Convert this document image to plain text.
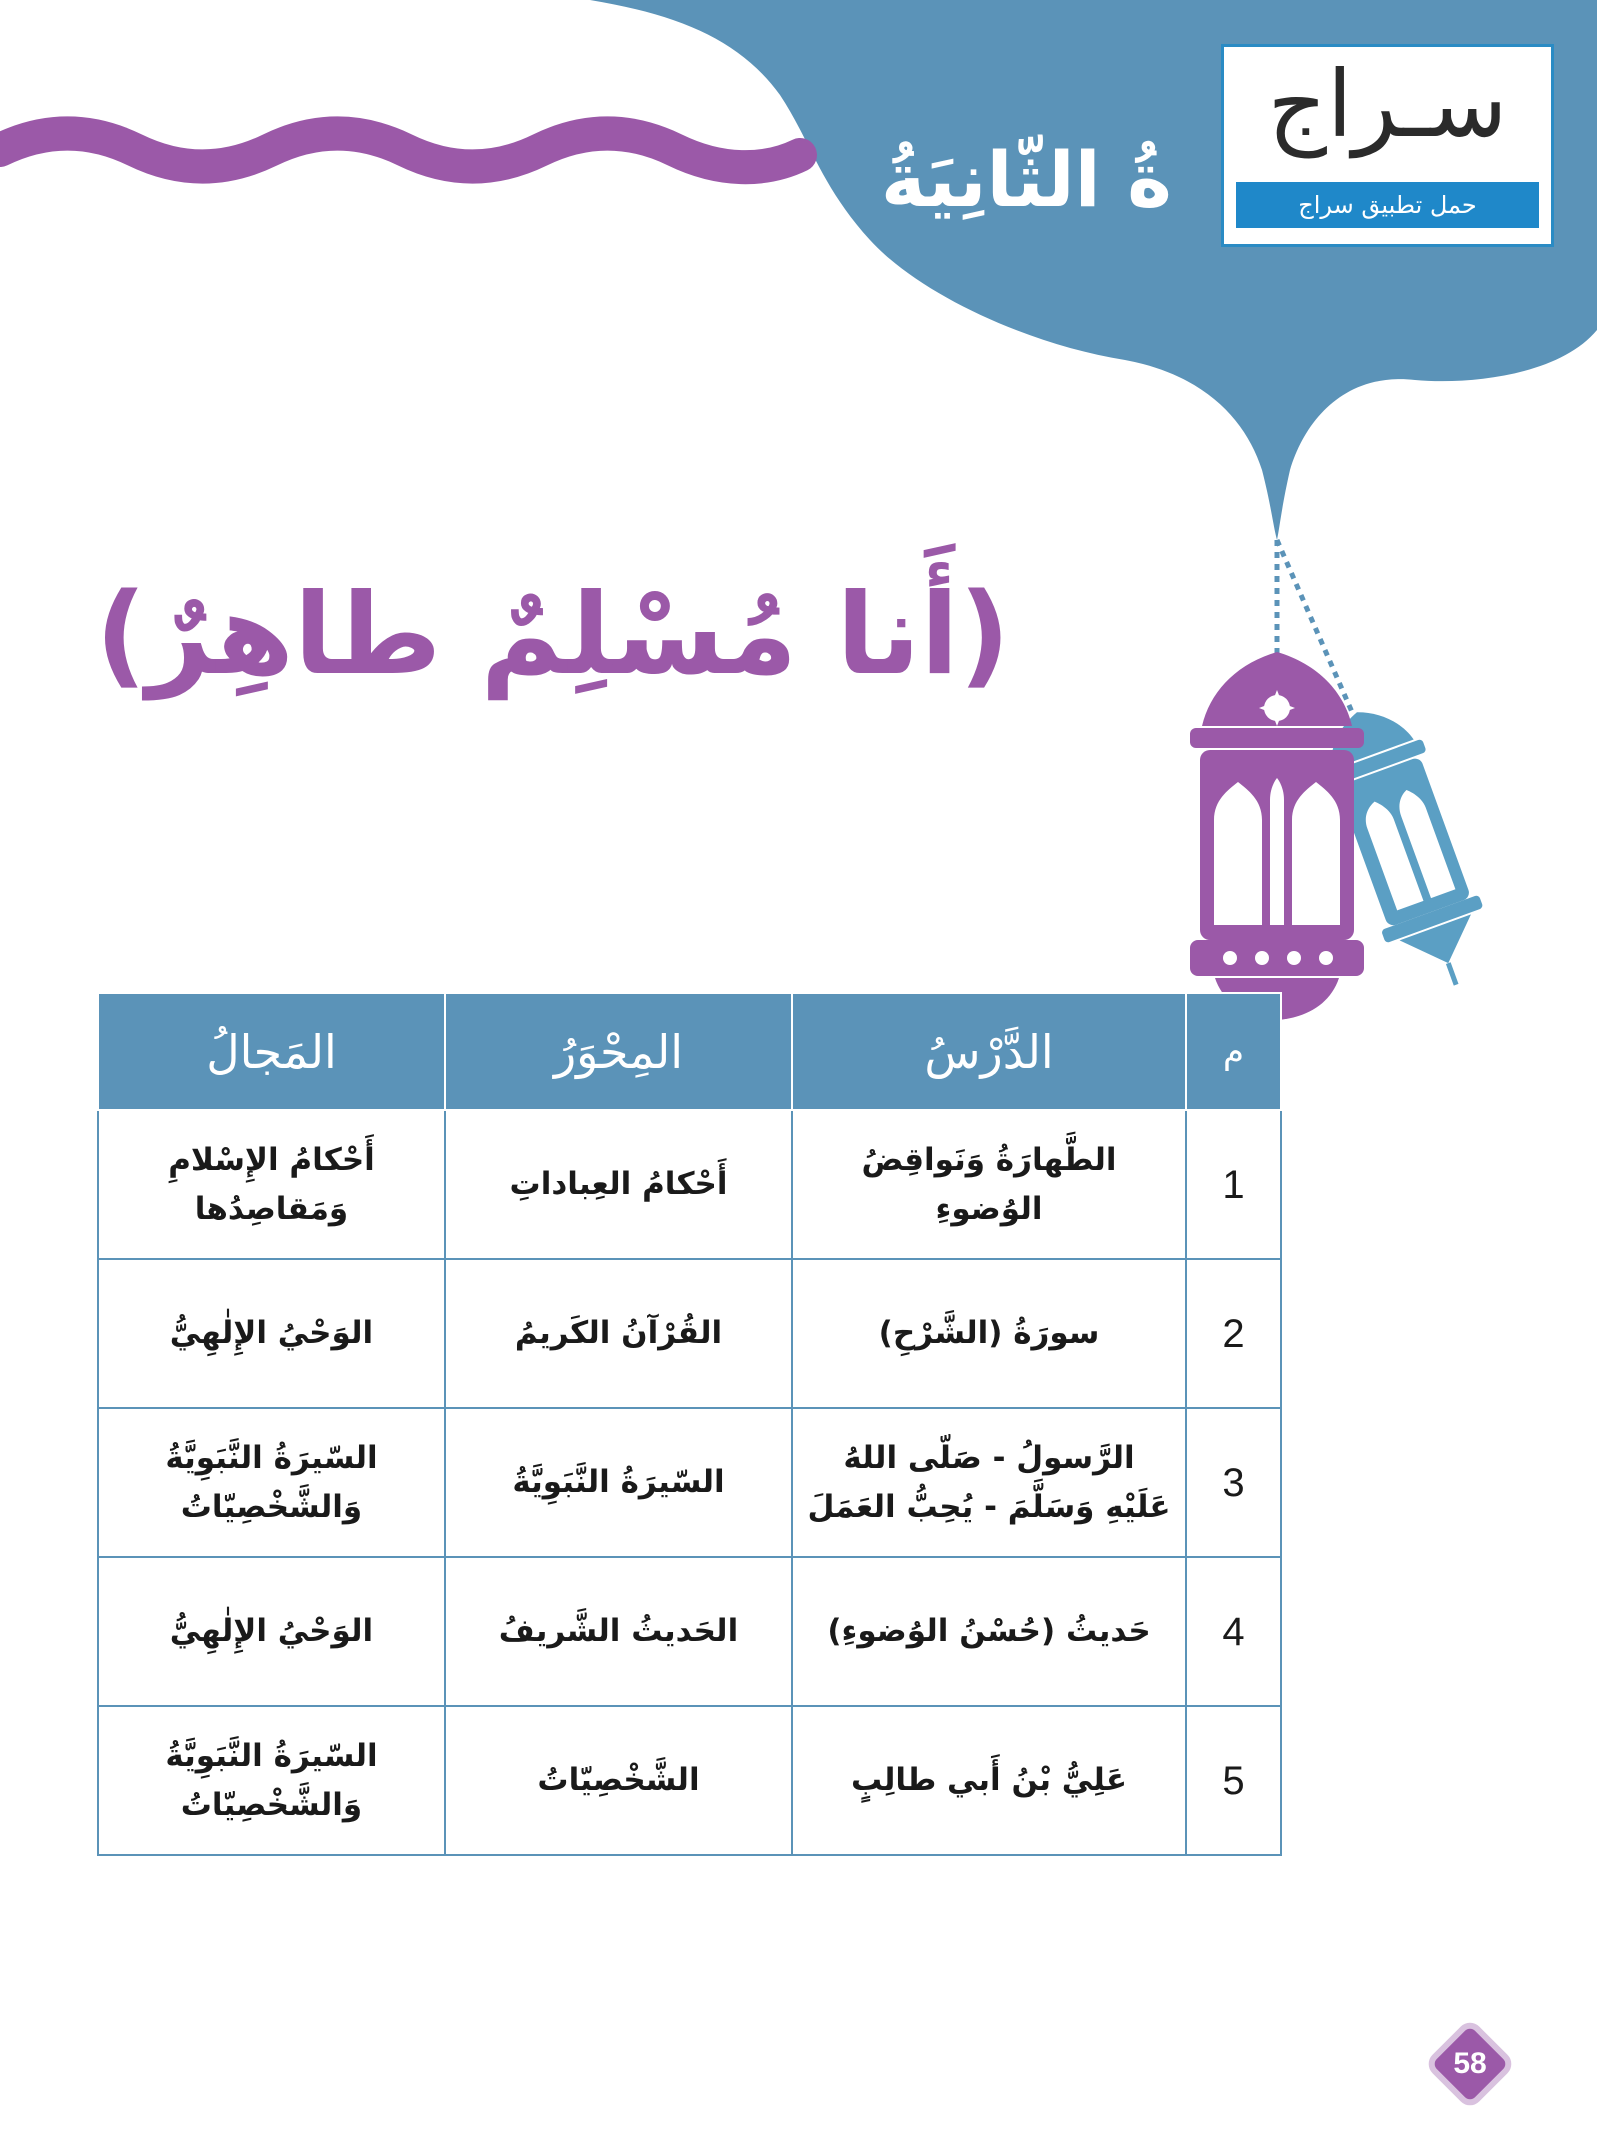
ةُ الثّانِيَةُ
سـراج
حمل تطبيق سراج
(أَنا مُسْلِمٌ طاهِرٌ)
م	الدَّرْسُ	المِحْوَرُ	المَجالُ
1	الطَّهارَةُ وَنَواقِضُ الوُضوءِ	أَحْكامُ العِباداتِ	أَحْكامُ الإِسْلامِ وَمَقاصِدُها
2	سورَةُ (الشَّرْحِ)	القُرْآنُ الكَريمُ	الوَحْيُ الإِلٰهِيُّ
3	الرَّسولُ - صَلّى اللهُ عَلَيْهِ وَسَلَّمَ - يُحِبُّ العَمَلَ	السّيرَةُ النَّبَوِيَّةُ	السّيرَةُ النَّبَوِيَّةُ وَالشَّخْصِيّاتُ
4	حَديثُ (حُسْنُ الوُضوءِ)	الحَديثُ الشَّريفُ	الوَحْيُ الإِلٰهِيُّ
5	عَلِيُّ بْنُ أَبي طالِبٍ	الشَّخْصِيّاتُ	السّيرَةُ النَّبَوِيَّةُ وَالشَّخْصِيّاتُ
58
